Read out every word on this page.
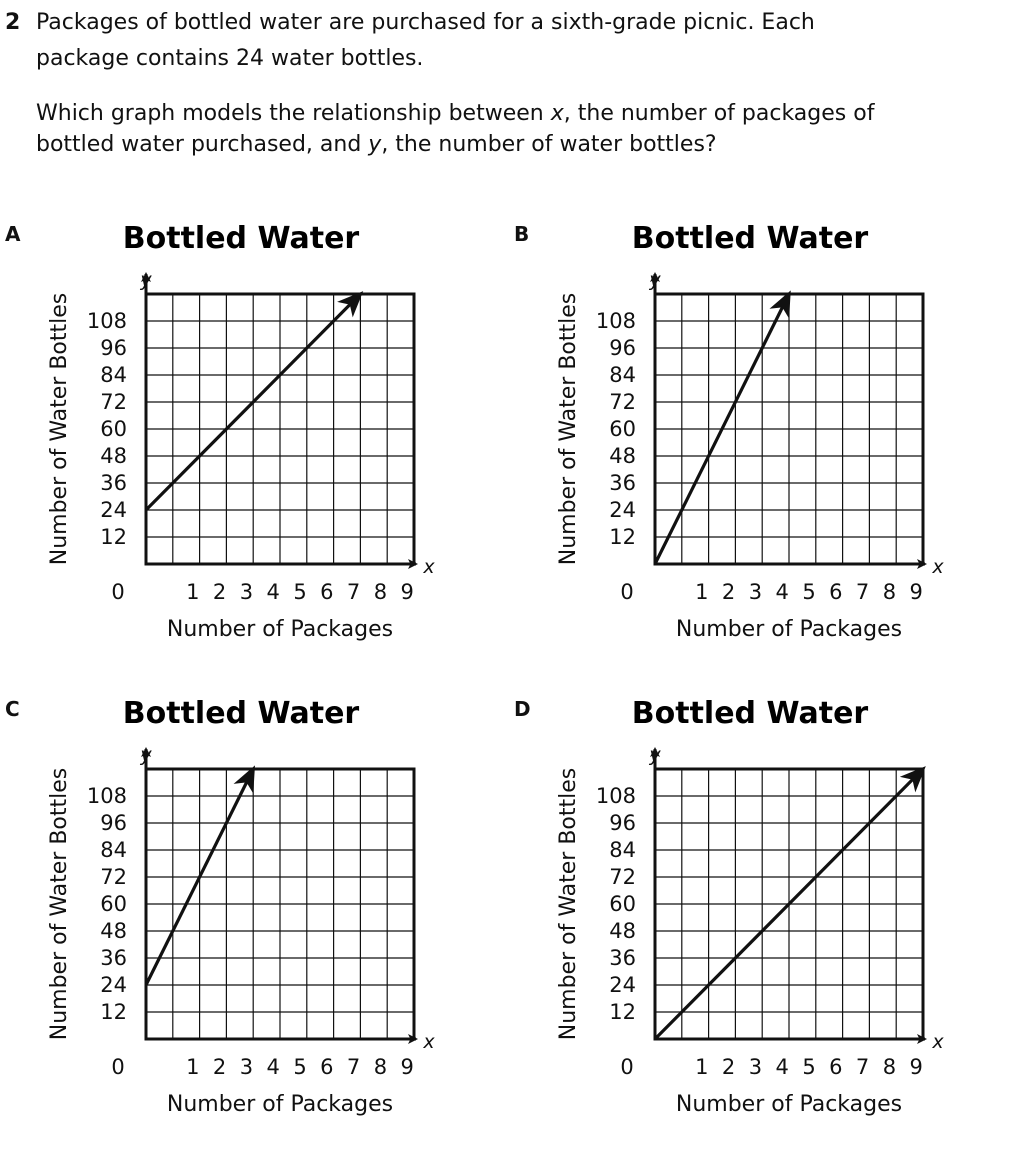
2 Packages of bottled water are purchased for a sixth-grade picnic. Each
package contains 24 water bottles.
Which graph models the relationship between x, the number of packages of
bottled water purchased, and y, the number of water bottles?
A	Bottled Water
y
x
12
24
36
48
60
72
84
96
108
1 2 3 4 5 6 7 8 9
0
Number of Packages
Number of Water Bottles
B	Bottled Water
y
x
12
24
36
48
60
72
84
96
108
1 2 3 4 5 6 7 8 9
0
Number of Packages
Number of Water Bottles
C	Bottled Water
y
x
12
24
36
48
60
72
84
96
108
1 2 3 4 5 6 7 8 9
0
Number of Packages
Number of Water Bottles
D	Bottled Water
y
x
12
24
36
48
60
72
84
96
108
1 2 3 4 5 6 7 8 9
0
Number of Packages
Number of Water Bottles
